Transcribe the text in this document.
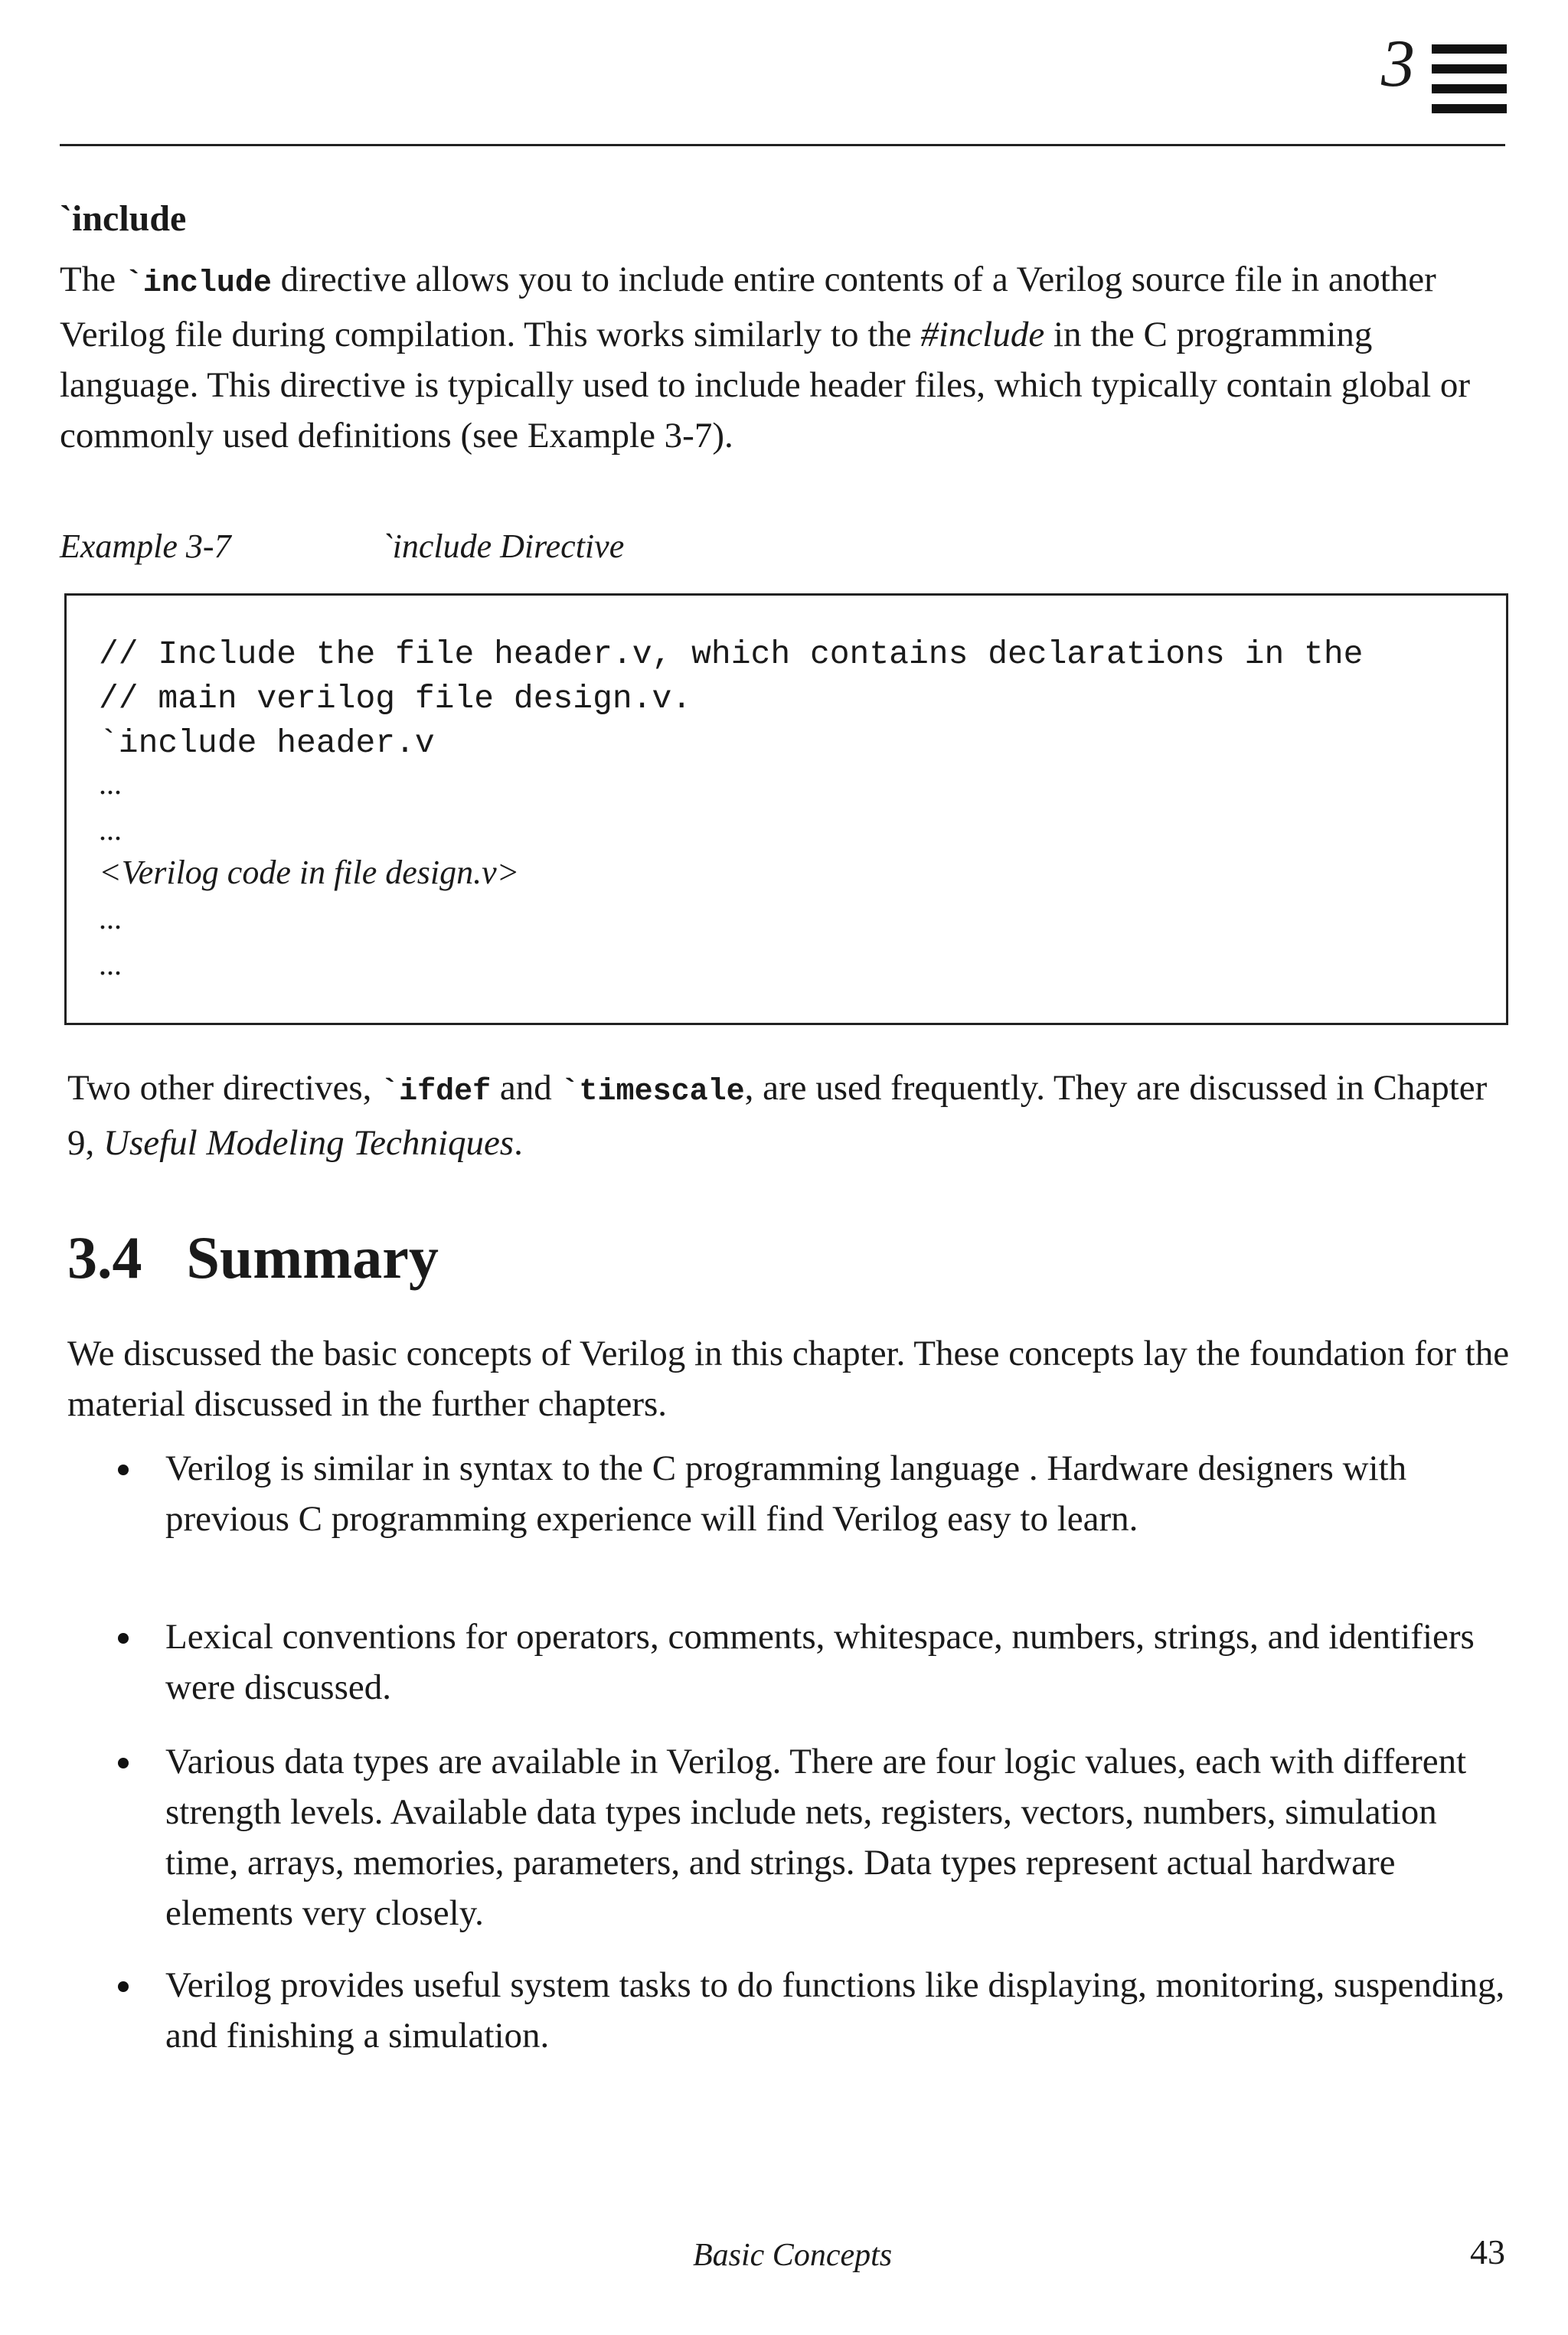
3
`include
The `include directive allows you to include entire contents of a Verilog source file in another Verilog file during compilation. This works similarly to the #include in the C programming language. This directive is typically used to include header files, which typically contain global or commonly used definitions (see Example 3-7).
Example 3-7	`include Directive
// Include the file header.v, which contains declarations in the
// main verilog file design.v.
`include header.v
...
...
<Verilog code in file design.v>
...
...
Two other directives, `ifdef and `timescale, are used frequently. They are discussed in Chapter 9, Useful Modeling Techniques.
3.4 Summary
We discussed the basic concepts of Verilog in this chapter. These concepts lay the foundation for the material discussed in the further chapters.
Verilog is similar in syntax to the C programming language . Hardware designers with previous C programming experience will find Verilog easy to learn.
Lexical conventions for operators, comments, whitespace, numbers, strings, and identifiers were discussed.
Various data types are available in Verilog. There are four logic values, each with different strength levels. Available data types include nets, registers, vectors, numbers, simulation time, arrays, memories, parameters, and strings. Data types represent actual hardware elements very closely.
Verilog provides useful system tasks to do functions like displaying, monitoring, suspending, and finishing a simulation.
Basic Concepts	43
